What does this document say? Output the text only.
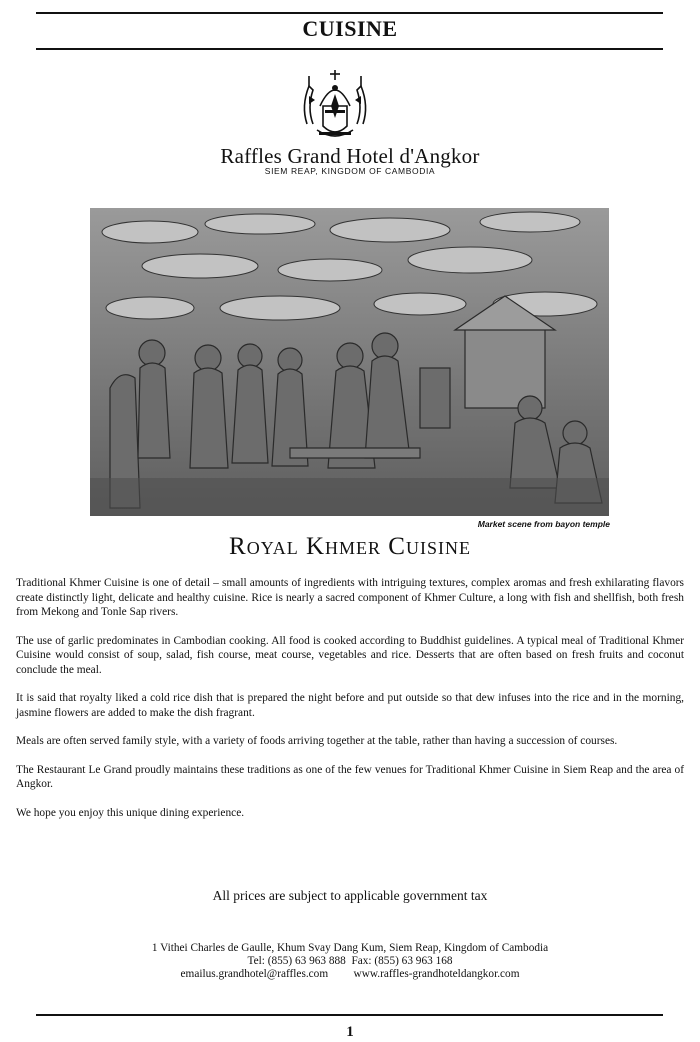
CUISINE
Raffles Grand Hotel d'Angkor
SIEM REAP, KINGDOM OF CAMBODIA
Market scene from bayon temple
Royal Khmer Cuisine

Traditional Khmer Cuisine is one of detail – small amounts of ingredients with intriguing textures, complex aromas and fresh exhilarating flavors create distinctly light, delicate and healthy cuisine. Rice is nearly a sacred component of Khmer Culture, a long with fish and shellfish, both fresh from Mekong and Tonle Sap rivers.

The use of garlic predominates in Cambodian cooking. All food is cooked according to Buddhist guidelines. A typical meal of Traditional Khmer Cuisine would consist of soup, salad, fish course, meat course, vegetables and rice. Desserts that are often based on fresh fruits and coconut conclude the meal.

It is said that royalty liked a cold rice dish that is prepared the night before and put outside so that dew infuses into the rice and in the morning, jasmine flowers are added to make the dish fragrant.

Meals are often served family style, with a variety of foods arriving together at the table, rather than having a succession of courses.

The Restaurant Le Grand proudly maintains these traditions as one of the few venues for Traditional Khmer Cuisine in Siem Reap and the area of Angkor.

We hope you enjoy this unique dining experience.

All prices are subject to applicable government tax
1 Vithei Charles de Gaulle, Khum Svay Dang Kum, Siem Reap, Kingdom of Cambodia
Tel: (855) 63 963 888 Fax: (855) 63 963 168
emailus.grandhotel@raffles.com www.raffles-grandhoteldangkor.com
1
